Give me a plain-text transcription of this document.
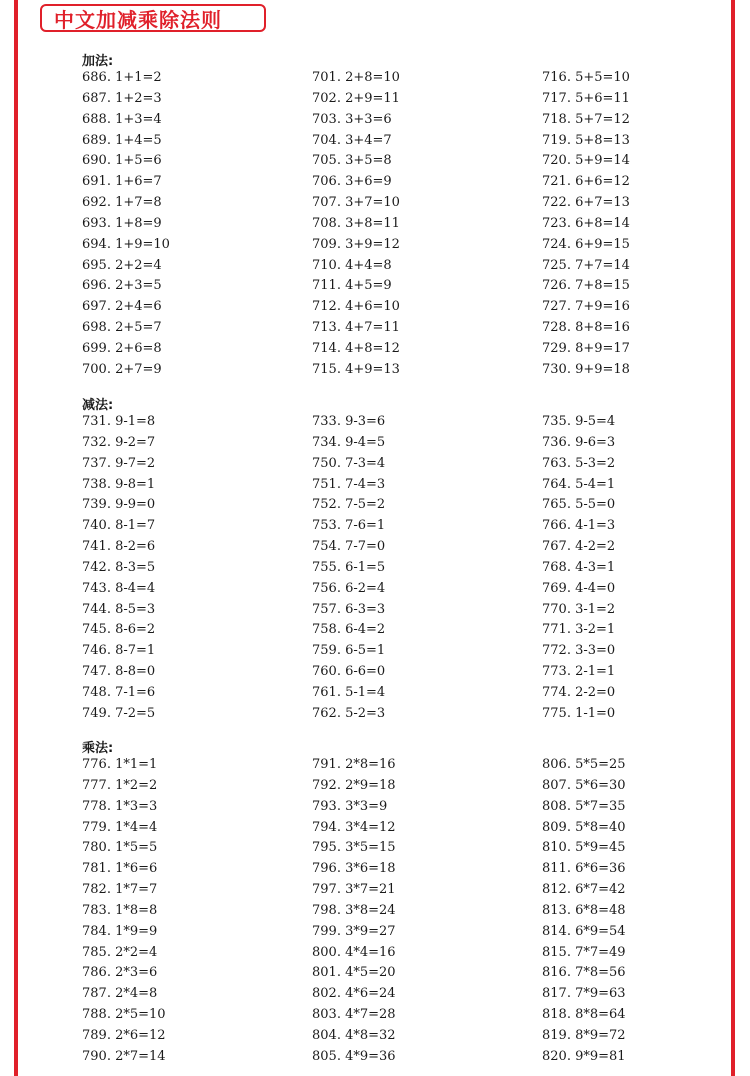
中文加减乘除法则
加法:
686. 1+1=2
687. 1+2=3
688. 1+3=4
689. 1+4=5
690. 1+5=6
691. 1+6=7
692. 1+7=8
693. 1+8=9
694. 1+9=10
695. 2+2=4
696. 2+3=5
697. 2+4=6
698. 2+5=7
699. 2+6=8
700. 2+7=9
701. 2+8=10
702. 2+9=11
703. 3+3=6
704. 3+4=7
705. 3+5=8
706. 3+6=9
707. 3+7=10
708. 3+8=11
709. 3+9=12
710. 4+4=8
711. 4+5=9
712. 4+6=10
713. 4+7=11
714. 4+8=12
715. 4+9=13
716. 5+5=10
717. 5+6=11
718. 5+7=12
719. 5+8=13
720. 5+9=14
721. 6+6=12
722. 6+7=13
723. 6+8=14
724. 6+9=15
725. 7+7=14
726. 7+8=15
727. 7+9=16
728. 8+8=16
729. 8+9=17
730. 9+9=18
减法:
731. 9-1=8
732. 9-2=7
737. 9-7=2
738. 9-8=1
739. 9-9=0
740. 8-1=7
741. 8-2=6
742. 8-3=5
743. 8-4=4
744. 8-5=3
745. 8-6=2
746. 8-7=1
747. 8-8=0
748. 7-1=6
749. 7-2=5
733. 9-3=6
734. 9-4=5
750. 7-3=4
751. 7-4=3
752. 7-5=2
753. 7-6=1
754. 7-7=0
755. 6-1=5
756. 6-2=4
757. 6-3=3
758. 6-4=2
759. 6-5=1
760. 6-6=0
761. 5-1=4
762. 5-2=3
735. 9-5=4
736. 9-6=3
763. 5-3=2
764. 5-4=1
765. 5-5=0
766. 4-1=3
767. 4-2=2
768. 4-3=1
769. 4-4=0
770. 3-1=2
771. 3-2=1
772. 3-3=0
773. 2-1=1
774. 2-2=0
775. 1-1=0
乘法:
776. 1*1=1
777. 1*2=2
778. 1*3=3
779. 1*4=4
780. 1*5=5
781. 1*6=6
782. 1*7=7
783. 1*8=8
784. 1*9=9
785. 2*2=4
786. 2*3=6
787. 2*4=8
788. 2*5=10
789. 2*6=12
790. 2*7=14
791. 2*8=16
792. 2*9=18
793. 3*3=9
794. 3*4=12
795. 3*5=15
796. 3*6=18
797. 3*7=21
798. 3*8=24
799. 3*9=27
800. 4*4=16
801. 4*5=20
802. 4*6=24
803. 4*7=28
804. 4*8=32
805. 4*9=36
806. 5*5=25
807. 5*6=30
808. 5*7=35
809. 5*8=40
810. 5*9=45
811. 6*6=36
812. 6*7=42
813. 6*8=48
814. 6*9=54
815. 7*7=49
816. 7*8=56
817. 7*9=63
818. 8*8=64
819. 8*9=72
820. 9*9=81
